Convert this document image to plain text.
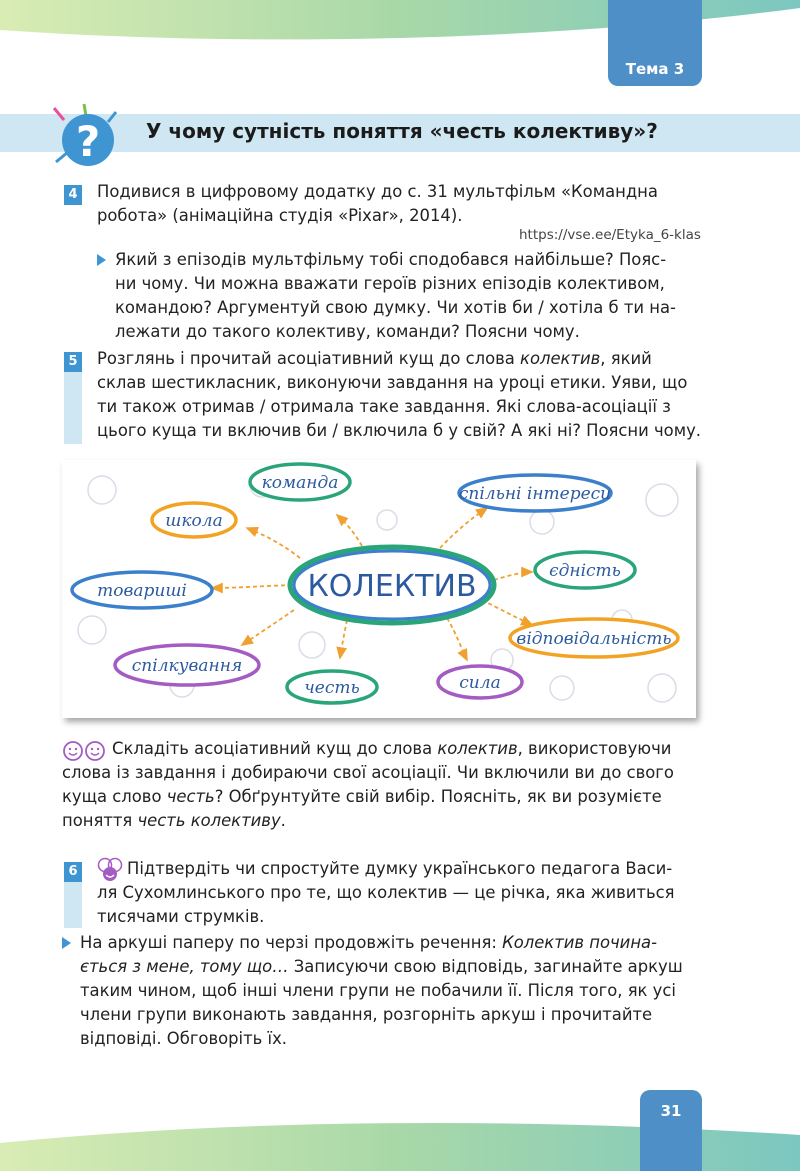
Тема 3
? У чому сутність поняття «честь колективу»?
4 Подивися в цифровому додатку до с. 31 мультфільм «Командна
робота» (анімаційна студія «Pixar», 2014).
https://vse.ee/Etyka_6-klas
Який з епізодів мультфільму тобі сподобався найбільше? Пояс-
ни чому. Чи можна вважати героїв різних епізодів колективом,
командою? Аргументуй свою думку. Чи хотів би / хотіла б ти на-
лежати до такого колективу, команди? Поясни чому.
5 Розглянь і прочитай асоціативний кущ до слова колектив, який
склав шестикласник, виконуючи завдання на уроці етики. Уяви, що
ти також отримав / отримала таке завдання. Які слова-асоціації з
цього куща ти включив би / включила б у свій? А які ні? Поясни чому.
КОЛЕКТИВ
школа
команда
спільні інтереси
єдність
товариші
відповідальність
спілкування
честь	сила
Складіть асоціативний кущ до слова колектив, використовуючи
слова із завдання і добираючи свої асоціації. Чи включили ви до свого
куща слово честь? Обґрунтуйте свій вибір. Поясніть, як ви розумієте
поняття честь колективу.
6	Підтвердіть чи спростуйте думку українського педагога Васи-
ля Сухомлинського про те, що колектив — це річка, яка живиться
тисячами струмків.
На аркуші паперу по черзі продовжіть речення: Колектив почина-
ється з мене, тому що… Записуючи свою відповідь, загинайте аркуш
таким чином, щоб інші члени групи не побачили її. Після того, як усі
члени групи виконають завдання, розгорніть аркуш і прочитайте
відповіді. Обговоріть їх.
31
